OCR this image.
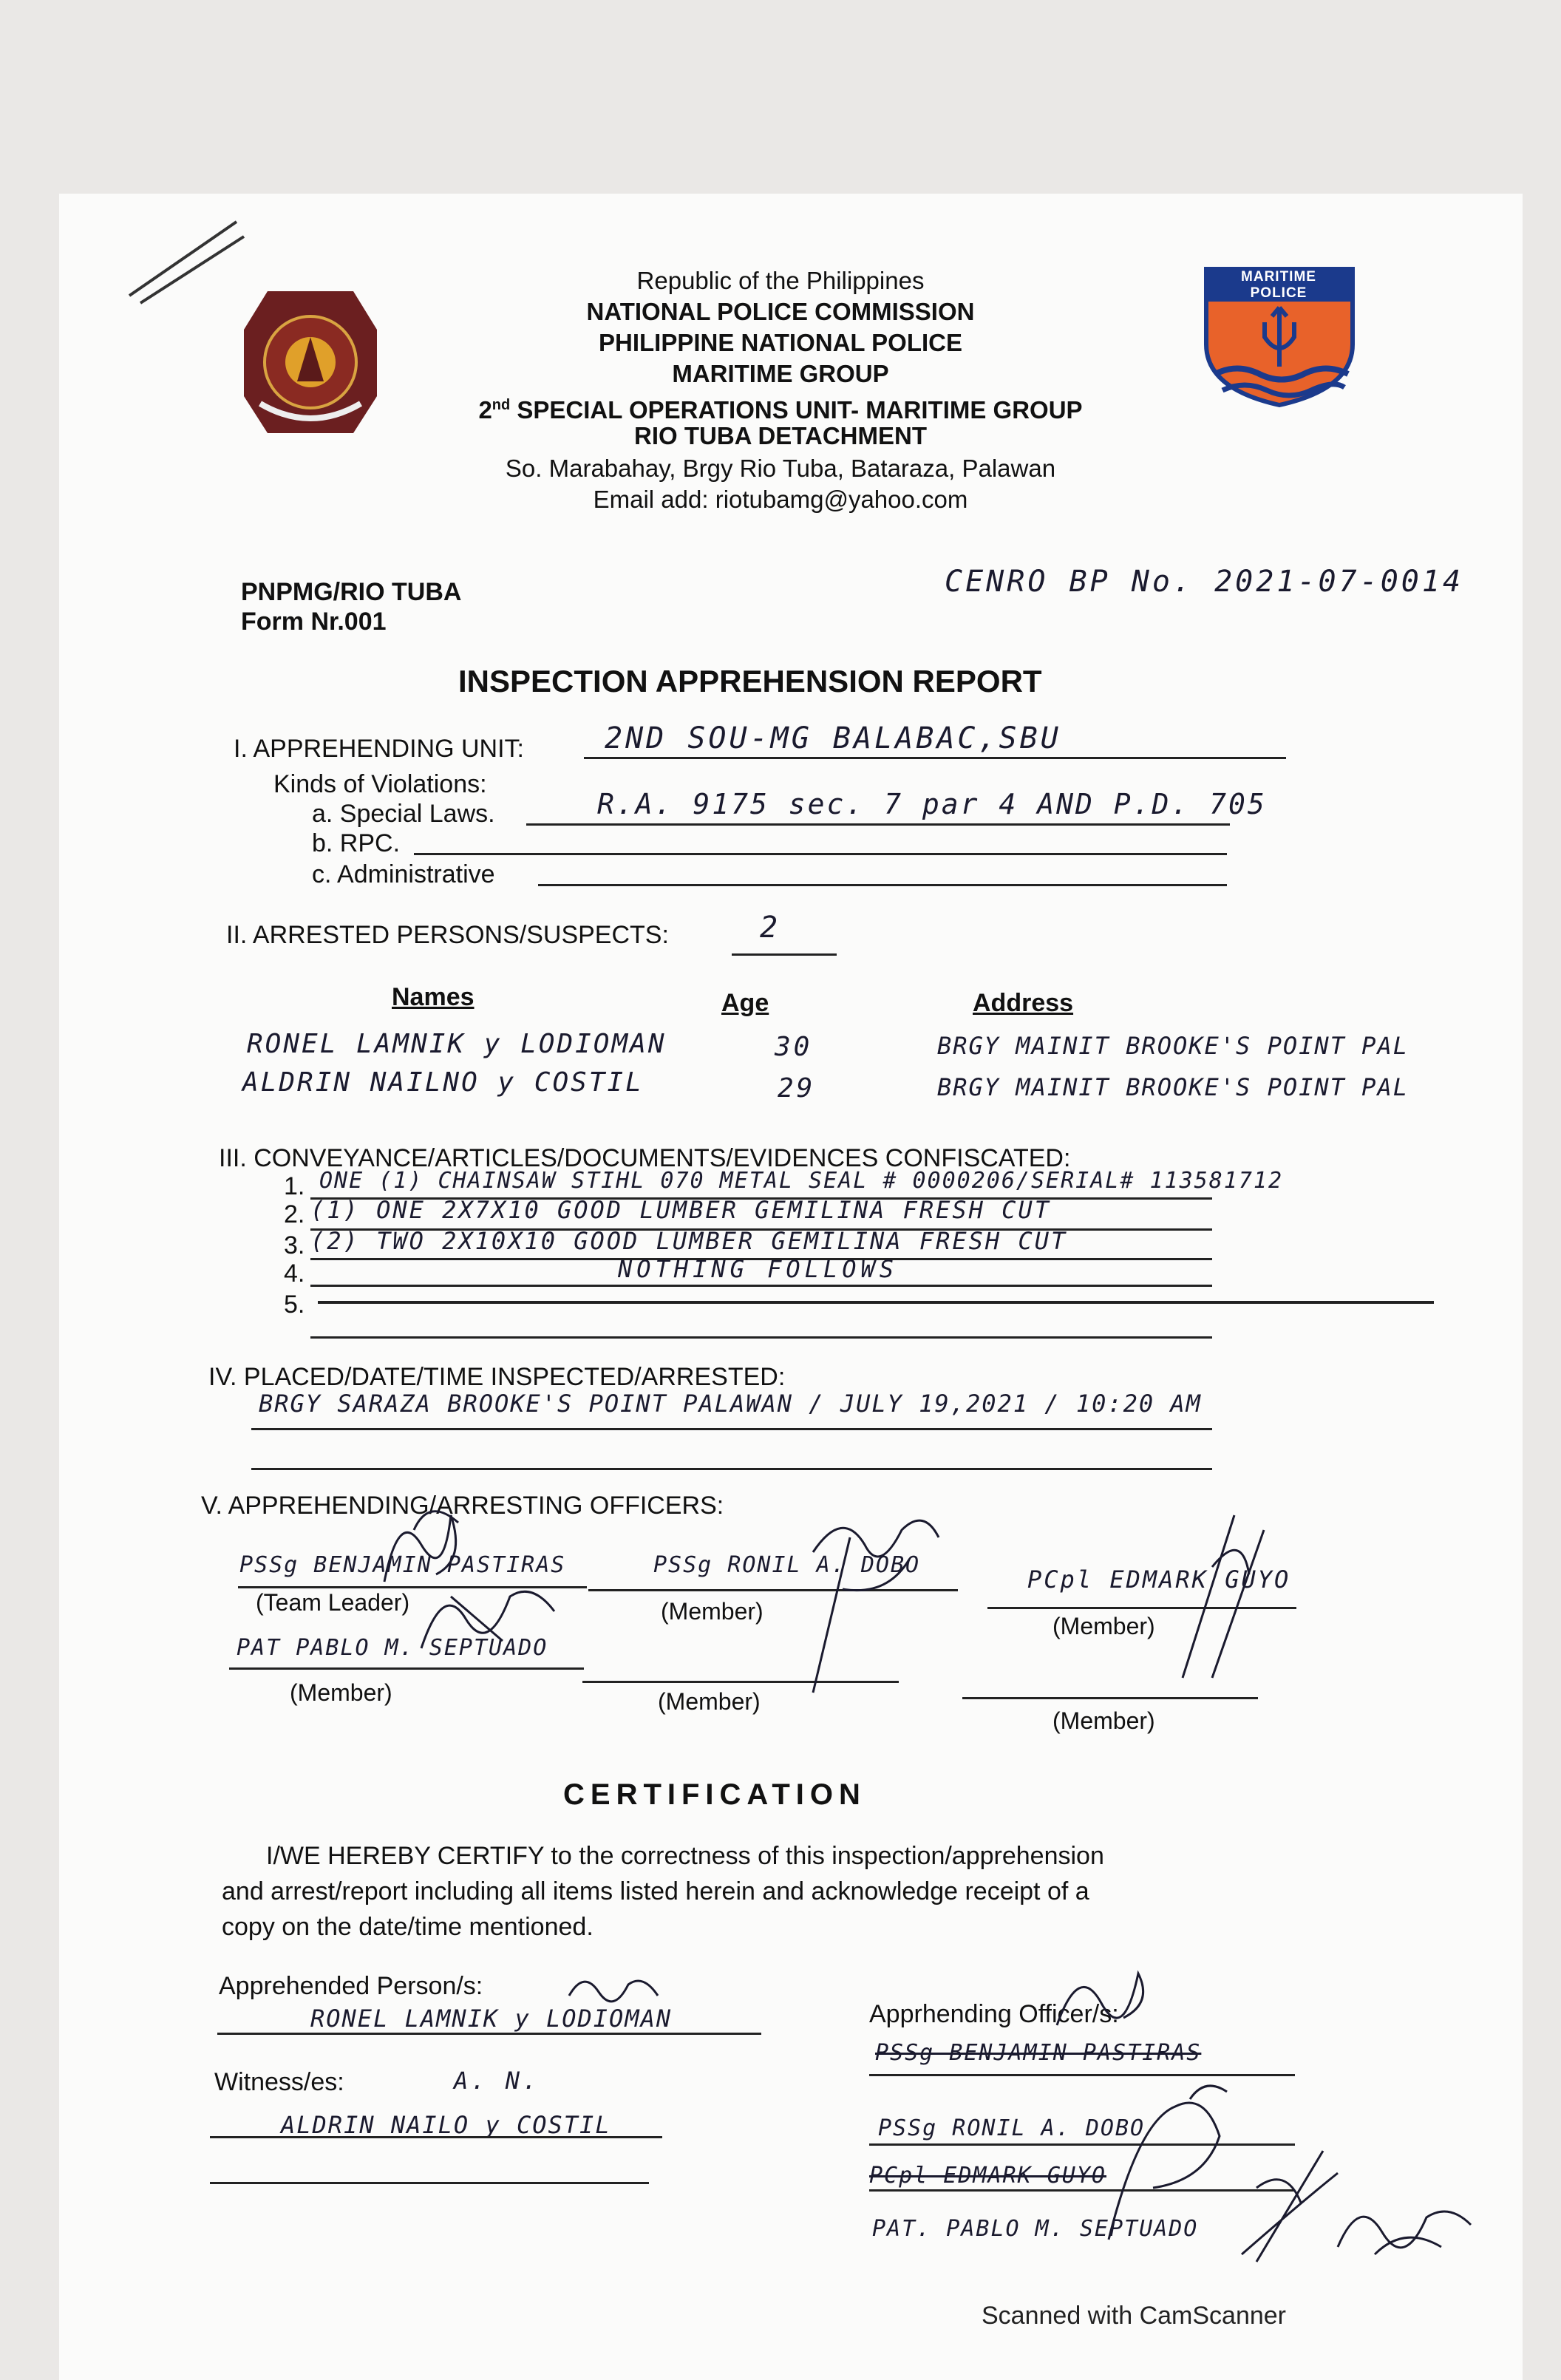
MARITIME POLICE
Republic of the Philippines
NATIONAL POLICE COMMISSION
PHILIPPINE NATIONAL POLICE
MARITIME GROUP
2nd SPECIAL OPERATIONS UNIT- MARITIME GROUP
RIO TUBA DETACHMENT
So. Marabahay, Brgy Rio Tuba, Bataraza, Palawan
Email add: riotubamg@yahoo.com
PNPMG/RIO TUBA
Form Nr.001
CENRO BP No. 2021-07-0014
INSPECTION APPREHENSION REPORT
I. APPREHENDING UNIT:	2ND SOU-MG BALABAC,SBU
Kinds of Violations:
a. Special Laws.	R.A. 9175 sec. 7 par 4 AND P.D. 705
b. RPC.
c. Administrative
II. ARRESTED PERSONS/SUSPECTS:	2
Names	Age	Address
RONEL LAMNIK y LODIOMAN	30	BRGY MAINIT BROOKE'S POINT PAL
ALDRIN NAILNO y COSTIL	29	BRGY MAINIT BROOKE'S POINT PAL
III. CONVEYANCE/ARTICLES/DOCUMENTS/EVIDENCES CONFISCATED:
1. ONE (1) CHAINSAW STIHL 070 METAL SEAL # 0000206/SERIAL# 113581712
2. (1) ONE 2X7X10 GOOD LUMBER GEMILINA FRESH CUT
3. (2) TWO 2X10X10 GOOD LUMBER GEMILINA FRESH CUT
4.	NOTHING FOLLOWS
5.
IV. PLACED/DATE/TIME INSPECTED/ARRESTED:
BRGY SARAZA BROOKE'S POINT PALAWAN / JULY 19,2021 / 10:20 AM
V. APPREHENDING/ARRESTING OFFICERS:
PSSg BENJAMIN PASTIRAS
(Team Leader)
PSSg RONIL A. DOBO
(Member)
PCpl EDMARK GUYO
(Member)
PAT PABLO M. SEPTUADO
(Member)	(Member)
(Member)
CERTIFICATION
I/WE HEREBY CERTIFY to the correctness of this inspection/apprehension
and arrest/report including all items listed herein and acknowledge receipt of a
copy on the date/time mentioned.
Apprehended Person/s:
RONEL LAMNIK y LODIOMAN
Witness/es:	A. N.
ALDRIN NAILO y COSTIL
Apprhending Officer/s:
PSSg BENJAMIN PASTIRAS
PSSg RONIL A. DOBO
PCpl EDMARK GUYO
PAT. PABLO M. SEPTUADO
Scanned with CamScanner
